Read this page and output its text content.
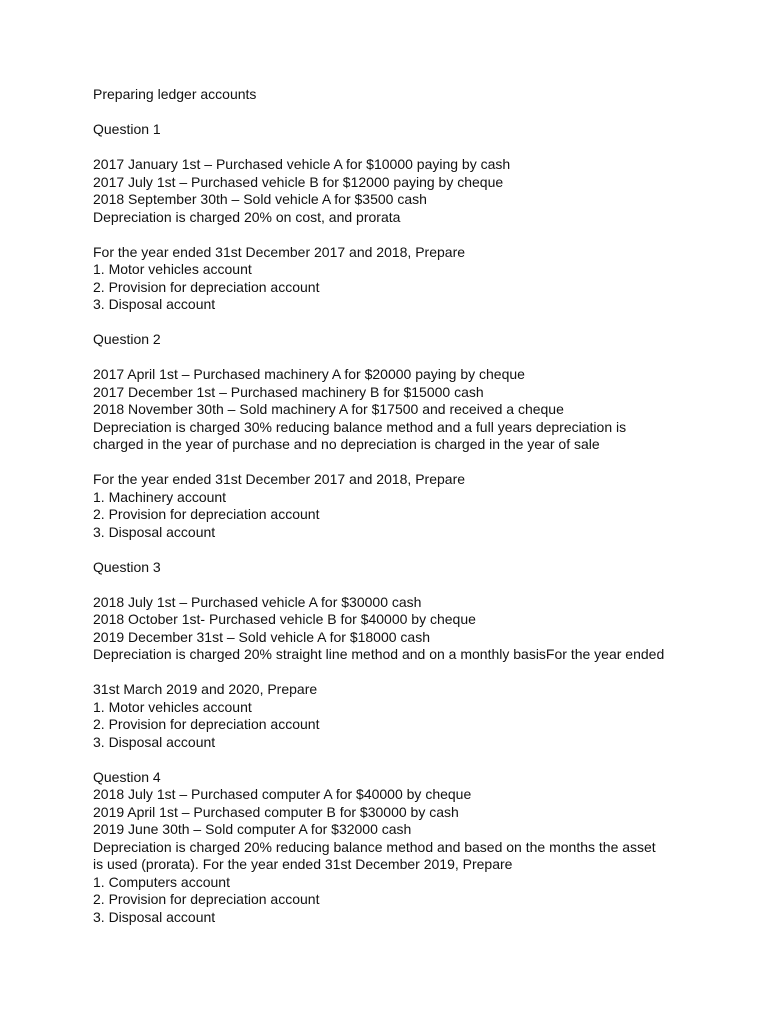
Preparing ledger accounts
Question 1
2017 January 1st – Purchased vehicle A for $10000 paying by cash
2017 July 1st – Purchased vehicle B for $12000 paying by cheque
2018 September 30th – Sold vehicle A for $3500 cash
Depreciation is charged 20% on cost, and prorata
For the year ended 31st December 2017 and 2018, Prepare
1. Motor vehicles account
2. Provision for depreciation account
3. Disposal account
Question 2
2017 April 1st – Purchased machinery A for $20000 paying by cheque
2017 December 1st – Purchased machinery B for $15000 cash
2018 November 30th – Sold machinery A for $17500 and received a cheque
Depreciation is charged 30% reducing balance method and a full years depreciation is
charged in the year of purchase and no depreciation is charged in the year of sale
For the year ended 31st December 2017 and 2018, Prepare
1. Machinery account
2. Provision for depreciation account
3. Disposal account
Question 3
2018 July 1st – Purchased vehicle A for $30000 cash
2018 October 1st- Purchased vehicle B for $40000 by cheque
2019 December 31st – Sold vehicle A for $18000 cash
Depreciation is charged 20% straight line method and on a monthly basisFor the year ended
31st March 2019 and 2020, Prepare
1. Motor vehicles account
2. Provision for depreciation account
3. Disposal account
Question 4
2018 July 1st – Purchased computer A for $40000 by cheque
2019 April 1st – Purchased computer B for $30000 by cash
2019 June 30th – Sold computer A for $32000 cash
Depreciation is charged 20% reducing balance method and based on the months the asset
is used (prorata). For the year ended 31st December 2019, Prepare
1. Computers account
2. Provision for depreciation account
3. Disposal account
